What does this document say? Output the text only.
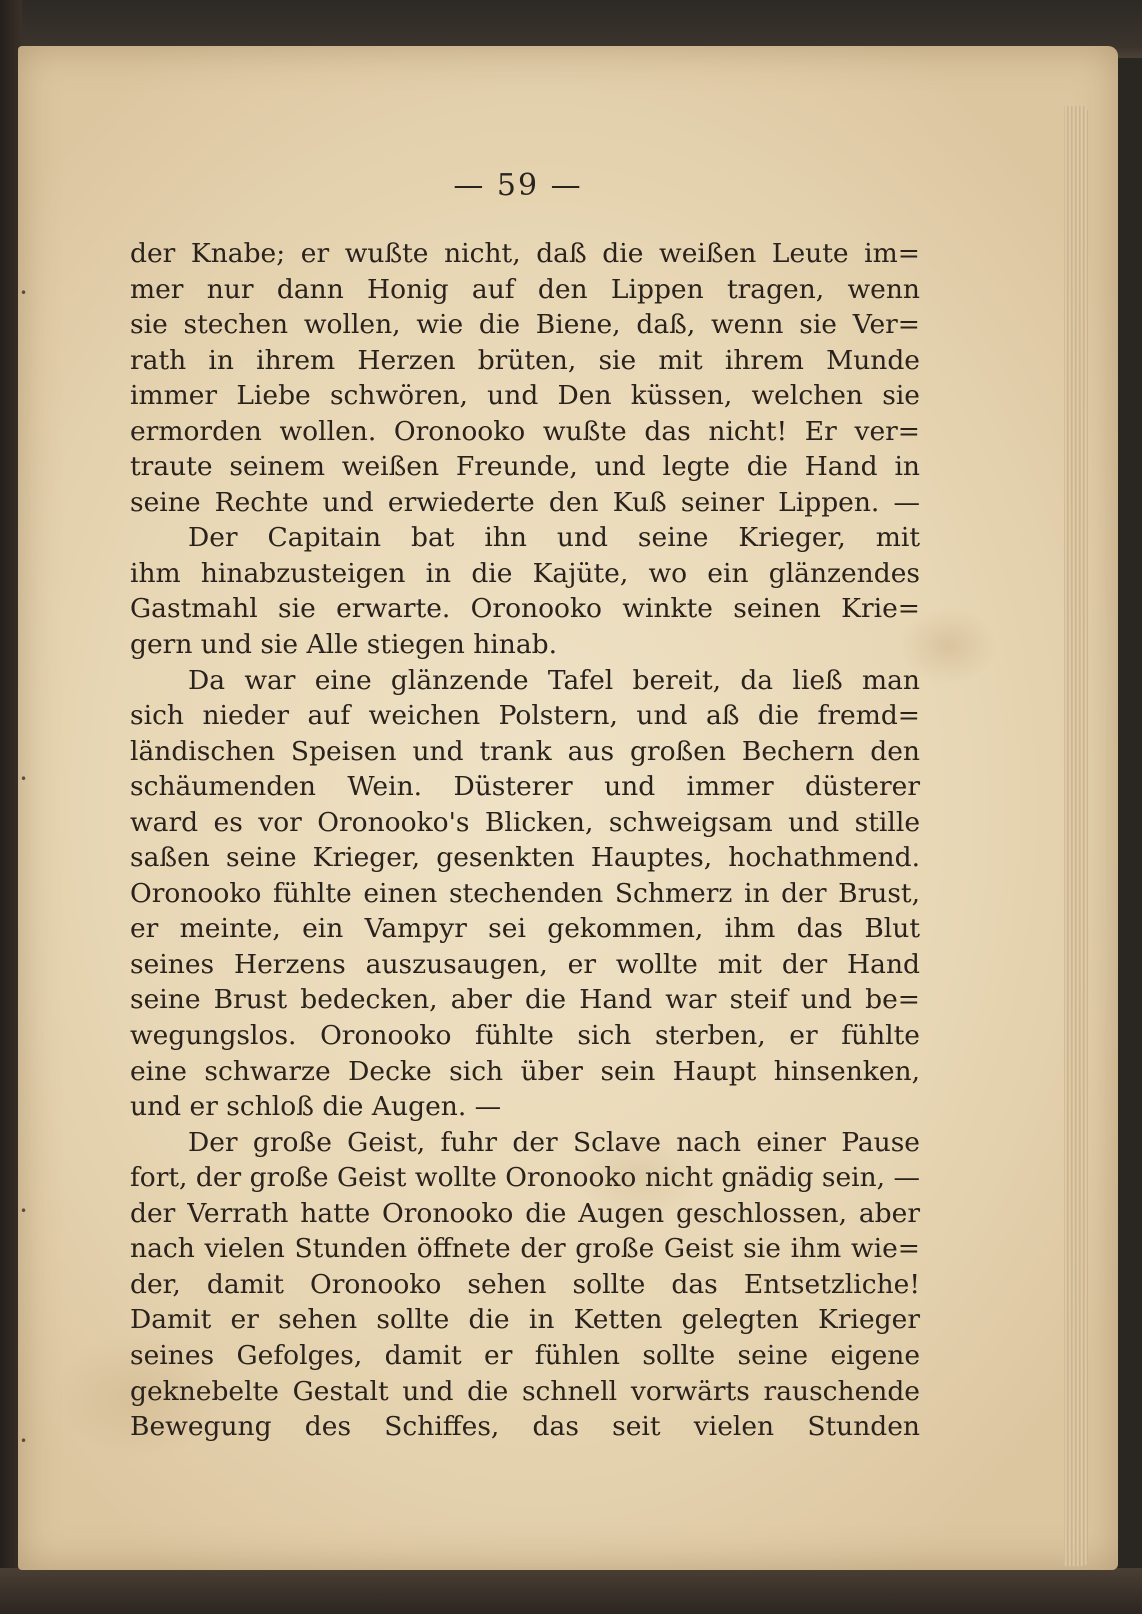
•
•
•
•
— 59 —
der Knabe; er wußte nicht, daß die weißen Leute im=
mer nur dann Honig auf den Lippen tragen, wenn
sie stechen wollen, wie die Biene, daß, wenn sie Ver=
rath in ihrem Herzen brüten, sie mit ihrem Munde
immer Liebe schwören, und Den küssen, welchen sie
ermorden wollen. Oronooko wußte das nicht! Er ver=
traute seinem weißen Freunde, und legte die Hand in
seine Rechte und erwiederte den Kuß seiner Lippen. —
Der Capitain bat ihn und seine Krieger, mit
ihm hinabzusteigen in die Kajüte, wo ein glänzendes
Gastmahl sie erwarte. Oronooko winkte seinen Krie=
gern und sie Alle stiegen hinab.
Da war eine glänzende Tafel bereit, da ließ man
sich nieder auf weichen Polstern, und aß die fremd=
ländischen Speisen und trank aus großen Bechern den
schäumenden Wein. Düsterer und immer düsterer
ward es vor Oronooko's Blicken, schweigsam und stille
saßen seine Krieger, gesenkten Hauptes, hochathmend.
Oronooko fühlte einen stechenden Schmerz in der Brust,
er meinte, ein Vampyr sei gekommen, ihm das Blut
seines Herzens auszusaugen, er wollte mit der Hand
seine Brust bedecken, aber die Hand war steif und be=
wegungslos. Oronooko fühlte sich sterben, er fühlte
eine schwarze Decke sich über sein Haupt hinsenken,
und er schloß die Augen. —
Der große Geist, fuhr der Sclave nach einer Pause
fort, der große Geist wollte Oronooko nicht gnädig sein, —
der Verrath hatte Oronooko die Augen geschlossen, aber
nach vielen Stunden öffnete der große Geist sie ihm wie=
der, damit Oronooko sehen sollte das Entsetzliche!
Damit er sehen sollte die in Ketten gelegten Krieger
seines Gefolges, damit er fühlen sollte seine eigene
geknebelte Gestalt und die schnell vorwärts rauschende
Bewegung des Schiffes, das seit vielen Stunden
